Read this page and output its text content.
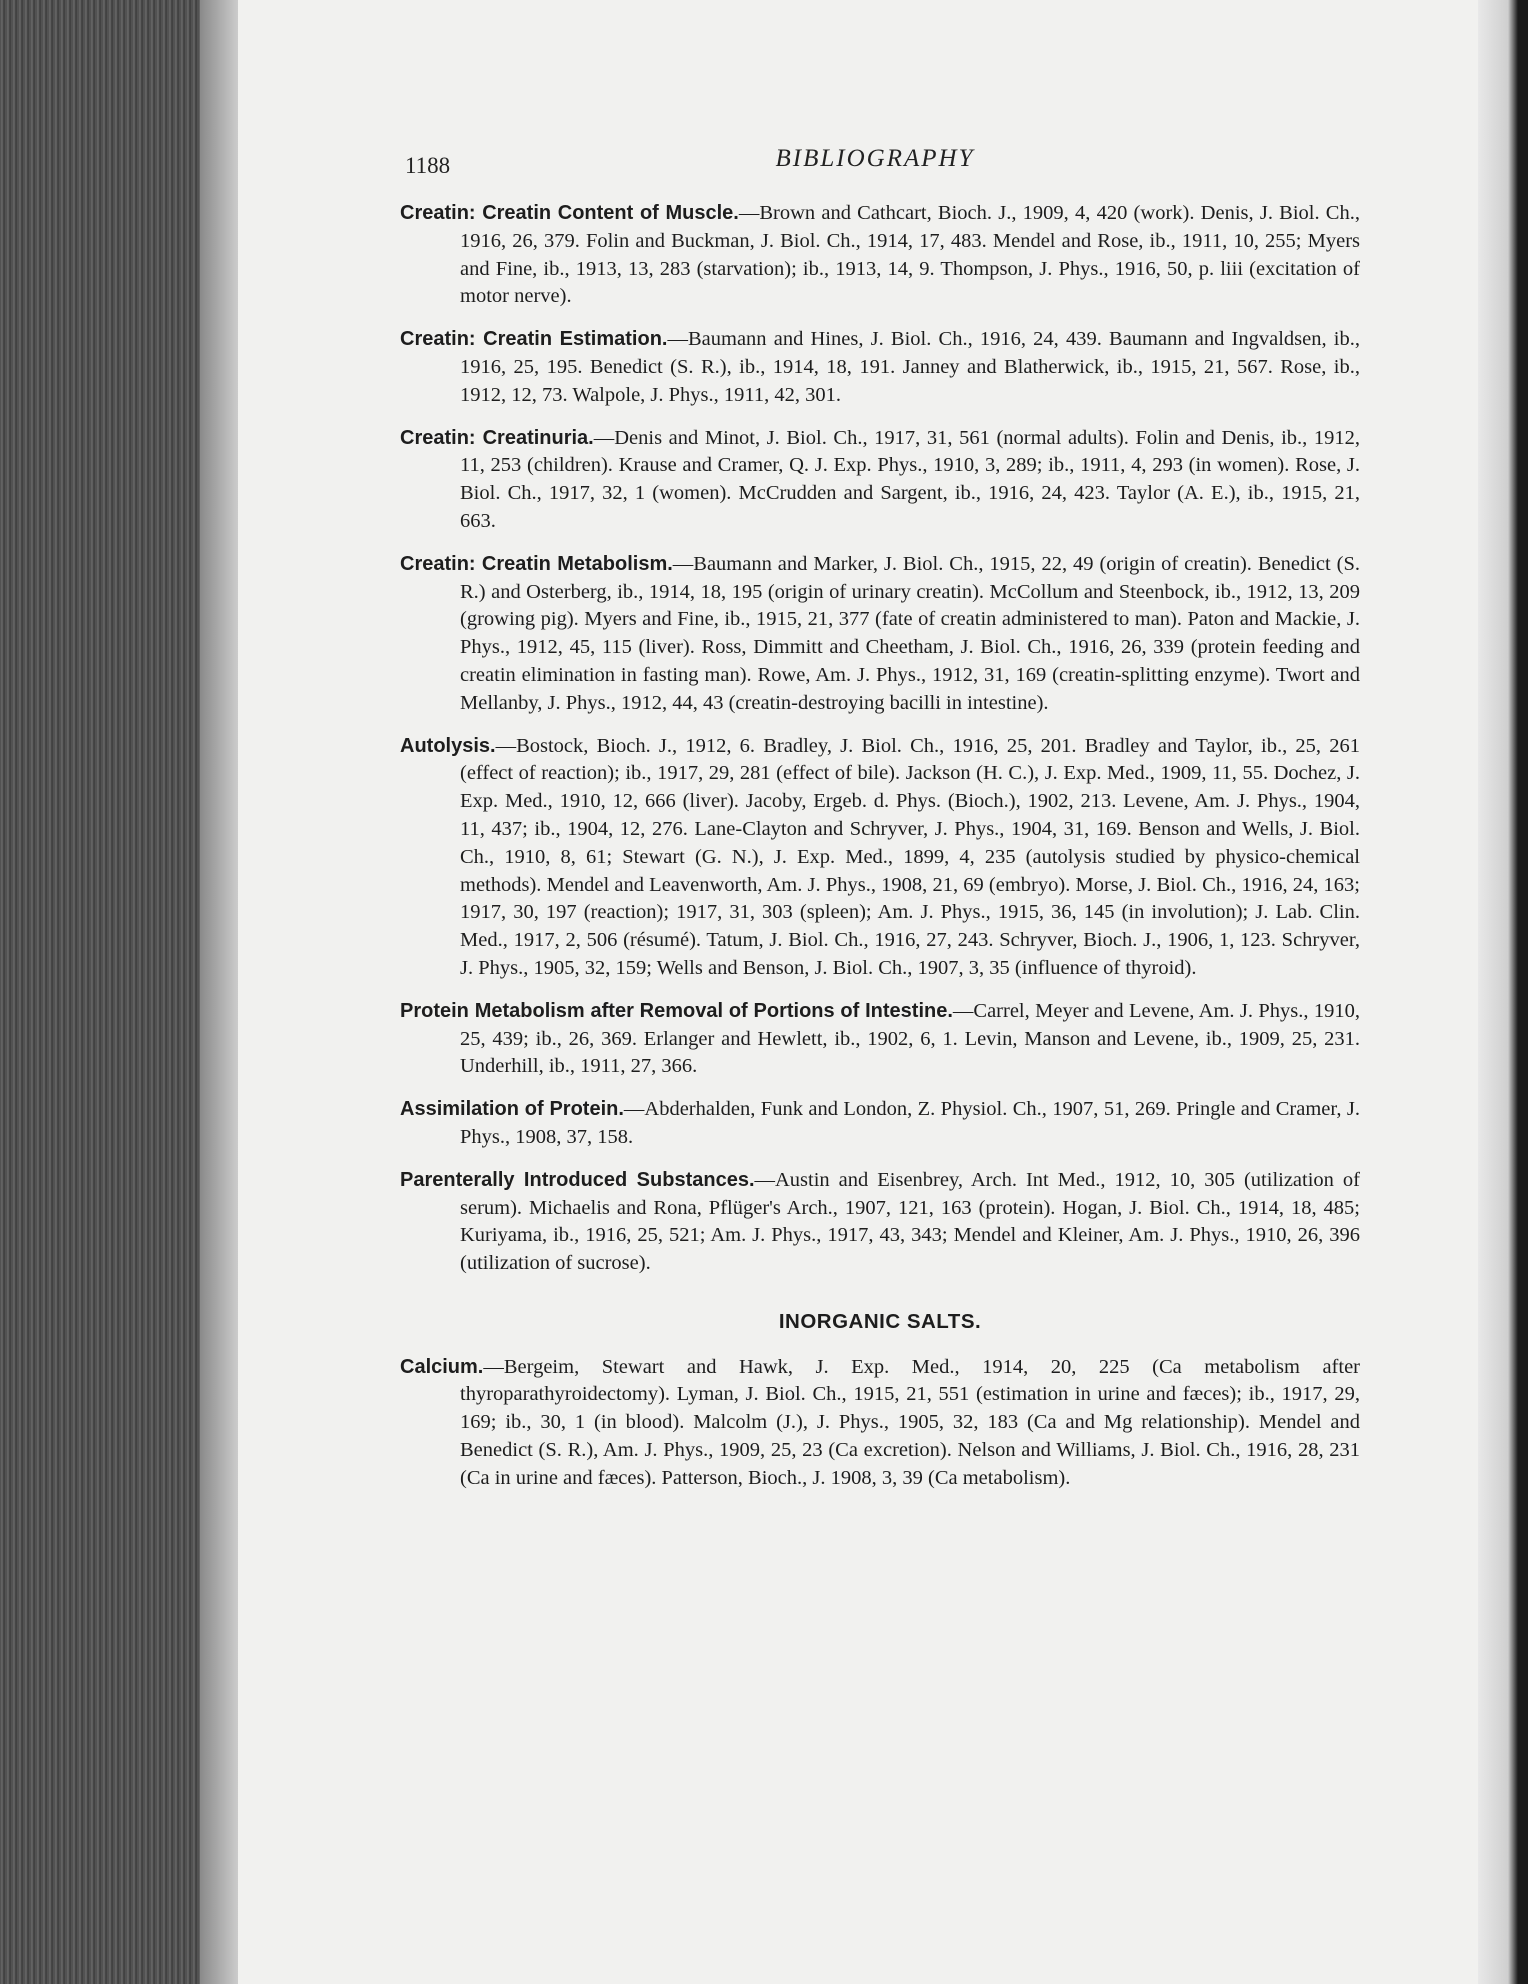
1188	BIBLIOGRAPHY

Creatin: Creatin Content of Muscle.—Brown and Cathcart, Bioch. J., 1909, 4, 420 (work). Denis, J. Biol. Ch., 1916, 26, 379. Folin and Buckman, J. Biol. Ch., 1914, 17, 483. Mendel and Rose, ib., 1911, 10, 255; Myers and Fine, ib., 1913, 13, 283 (starvation); ib., 1913, 14, 9. Thompson, J. Phys., 1916, 50, p. liii (excitation of motor nerve).

Creatin: Creatin Estimation.—Baumann and Hines, J. Biol. Ch., 1916, 24, 439. Baumann and Ingvaldsen, ib., 1916, 25, 195. Benedict (S. R.), ib., 1914, 18, 191. Janney and Blatherwick, ib., 1915, 21, 567. Rose, ib., 1912, 12, 73. Walpole, J. Phys., 1911, 42, 301.

Creatin: Creatinuria.—Denis and Minot, J. Biol. Ch., 1917, 31, 561 (normal adults). Folin and Denis, ib., 1912, 11, 253 (children). Krause and Cramer, Q. J. Exp. Phys., 1910, 3, 289; ib., 1911, 4, 293 (in women). Rose, J. Biol. Ch., 1917, 32, 1 (women). McCrudden and Sargent, ib., 1916, 24, 423. Taylor (A. E.), ib., 1915, 21, 663.

Creatin: Creatin Metabolism.—Baumann and Marker, J. Biol. Ch., 1915, 22, 49 (origin of creatin). Benedict (S. R.) and Osterberg, ib., 1914, 18, 195 (origin of urinary creatin). McCollum and Steenbock, ib., 1912, 13, 209 (growing pig). Myers and Fine, ib., 1915, 21, 377 (fate of creatin administered to man). Paton and Mackie, J. Phys., 1912, 45, 115 (liver). Ross, Dimmitt and Cheetham, J. Biol. Ch., 1916, 26, 339 (protein feeding and creatin elimination in fasting man). Rowe, Am. J. Phys., 1912, 31, 169 (creatin-splitting enzyme). Twort and Mellanby, J. Phys., 1912, 44, 43 (creatin-destroying bacilli in intestine).

Autolysis.—Bostock, Bioch. J., 1912, 6. Bradley, J. Biol. Ch., 1916, 25, 201. Bradley and Taylor, ib., 25, 261 (effect of reaction); ib., 1917, 29, 281 (effect of bile). Jackson (H. C.), J. Exp. Med., 1909, 11, 55. Dochez, J. Exp. Med., 1910, 12, 666 (liver). Jacoby, Ergeb. d. Phys. (Bioch.), 1902, 213. Levene, Am. J. Phys., 1904, 11, 437; ib., 1904, 12, 276. Lane-Clayton and Schryver, J. Phys., 1904, 31, 169. Benson and Wells, J. Biol. Ch., 1910, 8, 61; Stewart (G. N.), J. Exp. Med., 1899, 4, 235 (autolysis studied by physico-chemical methods). Mendel and Leavenworth, Am. J. Phys., 1908, 21, 69 (embryo). Morse, J. Biol. Ch., 1916, 24, 163; 1917, 30, 197 (reaction); 1917, 31, 303 (spleen); Am. J. Phys., 1915, 36, 145 (in involution); J. Lab. Clin. Med., 1917, 2, 506 (résumé). Tatum, J. Biol. Ch., 1916, 27, 243. Schryver, Bioch. J., 1906, 1, 123. Schryver, J. Phys., 1905, 32, 159; Wells and Benson, J. Biol. Ch., 1907, 3, 35 (influence of thyroid).

Protein Metabolism after Removal of Portions of Intestine.—Carrel, Meyer and Levene, Am. J. Phys., 1910, 25, 439; ib., 26, 369. Erlanger and Hewlett, ib., 1902, 6, 1. Levin, Manson and Levene, ib., 1909, 25, 231. Underhill, ib., 1911, 27, 366.

Assimilation of Protein.—Abderhalden, Funk and London, Z. Physiol. Ch., 1907, 51, 269. Pringle and Cramer, J. Phys., 1908, 37, 158.

Parenterally Introduced Substances.—Austin and Eisenbrey, Arch. Int Med., 1912, 10, 305 (utilization of serum). Michaelis and Rona, Pflüger's Arch., 1907, 121, 163 (protein). Hogan, J. Biol. Ch., 1914, 18, 485; Kuriyama, ib., 1916, 25, 521; Am. J. Phys., 1917, 43, 343; Mendel and Kleiner, Am. J. Phys., 1910, 26, 396 (utilization of sucrose).

INORGANIC SALTS.

Calcium.—Bergeim, Stewart and Hawk, J. Exp. Med., 1914, 20, 225 (Ca metabolism after thyroparathyroidectomy). Lyman, J. Biol. Ch., 1915, 21, 551 (estimation in urine and fæces); ib., 1917, 29, 169; ib., 30, 1 (in blood). Malcolm (J.), J. Phys., 1905, 32, 183 (Ca and Mg relationship). Mendel and Benedict (S. R.), Am. J. Phys., 1909, 25, 23 (Ca excretion). Nelson and Williams, J. Biol. Ch., 1916, 28, 231 (Ca in urine and fæces). Patterson, Bioch., J. 1908, 3, 39 (Ca metabolism).
